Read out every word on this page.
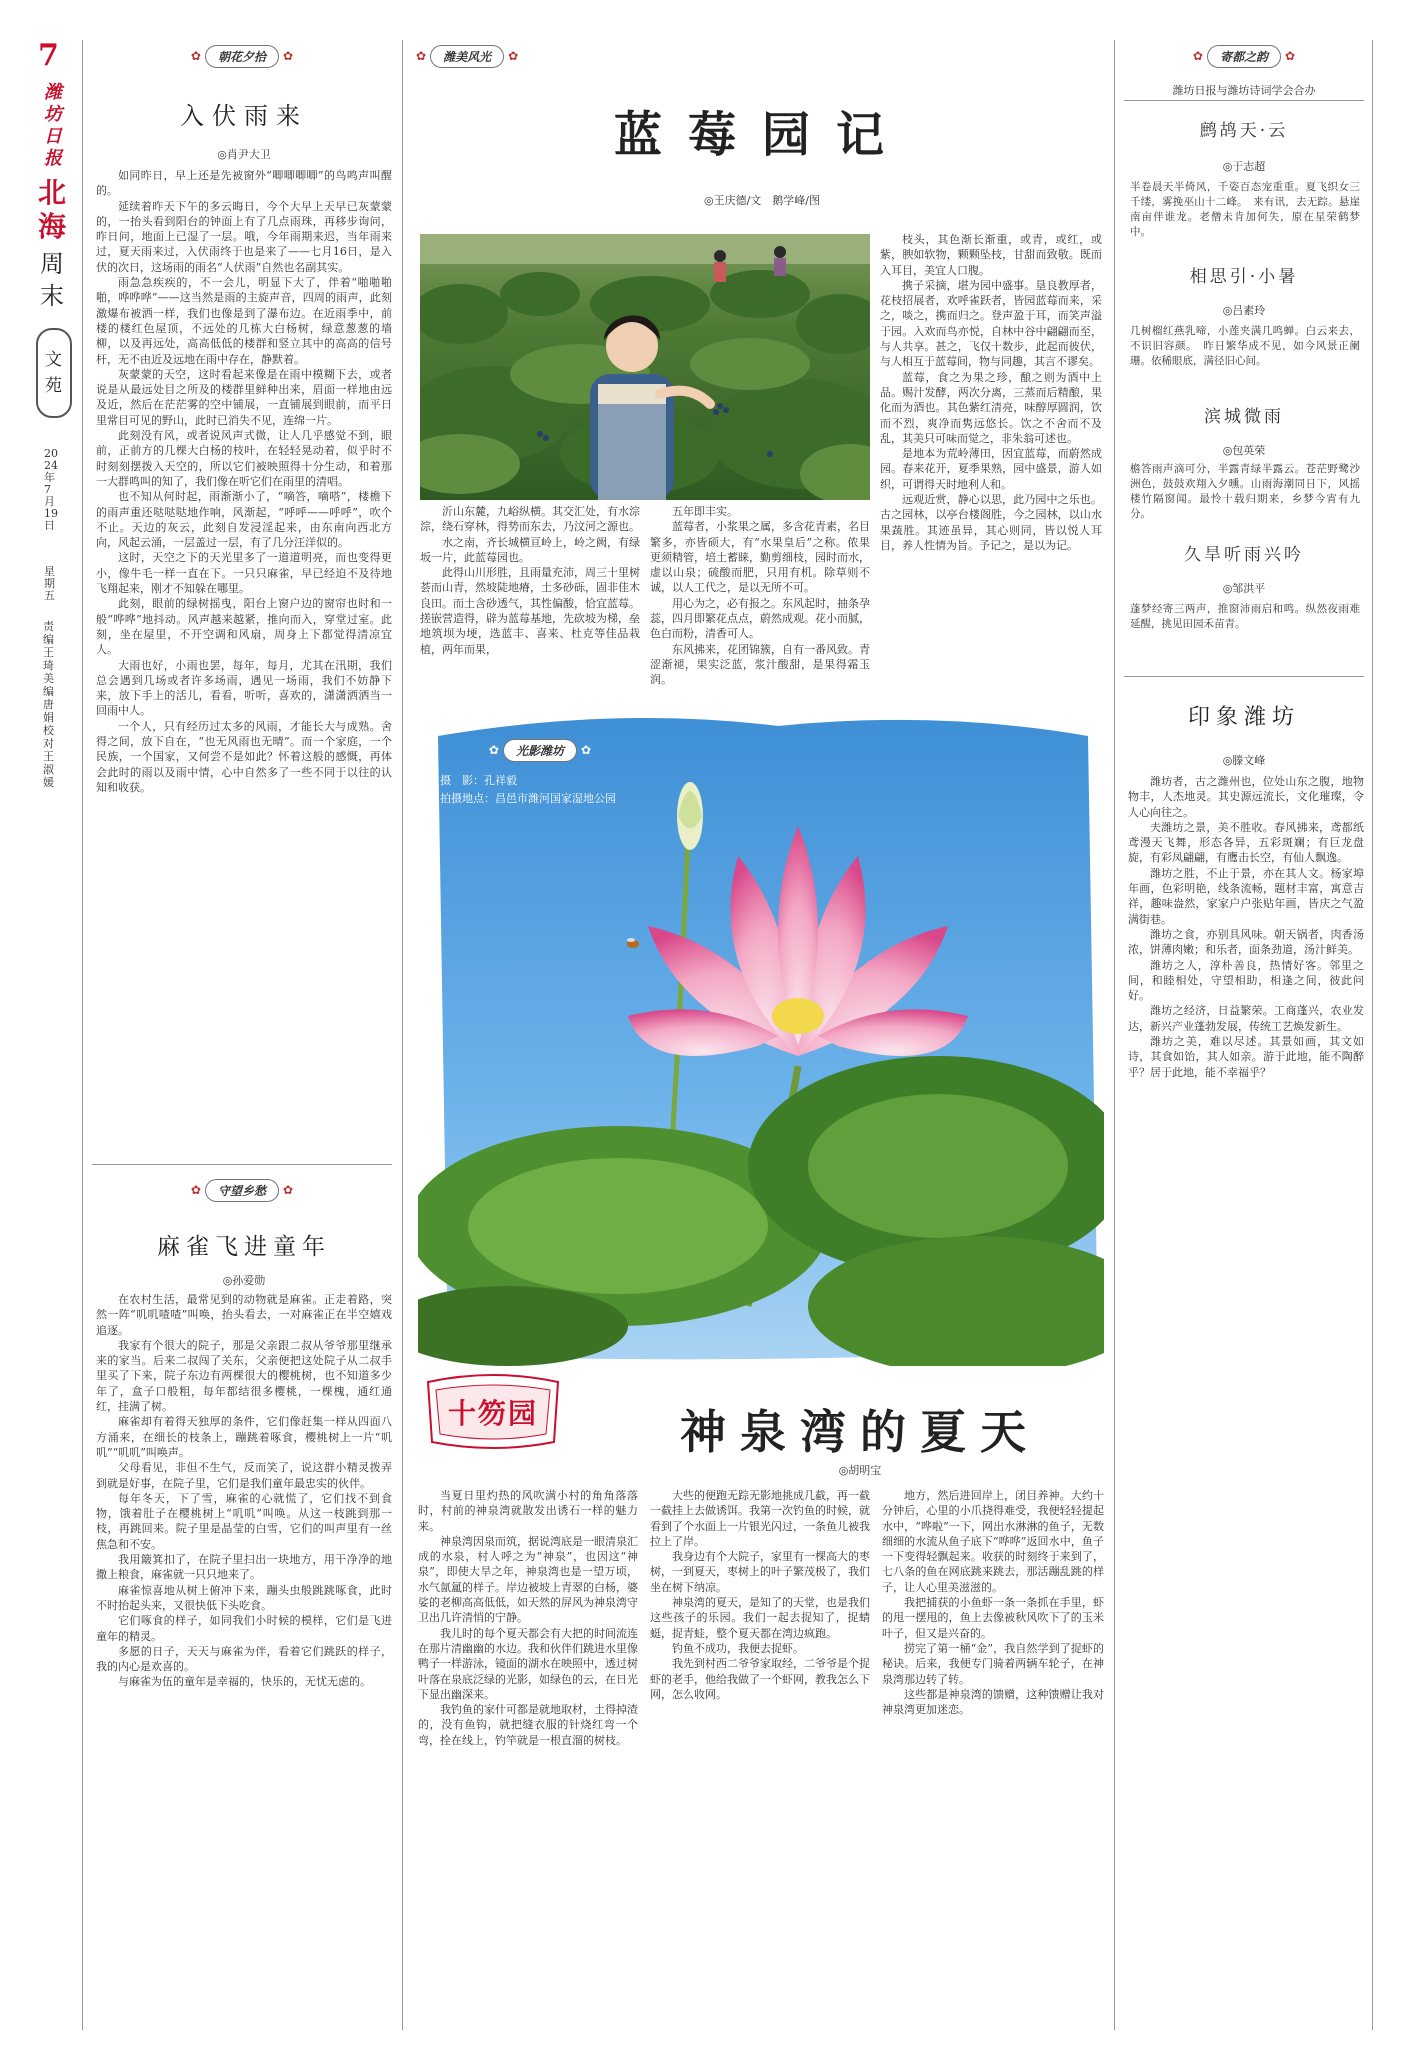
7
潍坊日报
北海
周末
文苑
2024年7月19日
星期五
责编 王琦 美编 唐娟 校对 王淑媛
✿	朝花夕拾	✿
入伏雨来
◎肖尹大卫

如同昨日，早上还是先被窗外“唧唧唧唧”的鸟鸣声叫醒的。

延续着昨天下午的多云晦日，今个大早上天早已灰蒙蒙的，一抬头看到阳台的钟面上有了几点雨珠，再移步询问，昨日问，地面上已湿了一层。哦，今年雨期来迟，当年雨来过，夏天雨来过，入伏雨终于也是来了——七月16日，是入伏的次日，这场雨的雨名“人伏雨”自然也名副其实。

雨急急疾疾的，不一会儿，明显下大了，伴着“啪啪啪啪，哗哗哗”——这当然是雨的主旋声音，四周的雨声，此刻激爆布被洒一样，我们也像是到了瀑布边。在近雨季中，前楼的楼红色屋顶，不远处的几栋大白杨树，绿意葱葱的墙柳，以及再远处，高高低低的楼群和竖立其中的高高的信号杆，无不由近及远地在雨中存在，静默着。

灰蒙蒙的天空，这时看起来像是在雨中模糊下去，或者说是从最远处目之所及的楼群里鲜种出来，眉面一样地由远及近，然后在茫茫雾的空中铺展，一直铺展到眼前，而平日里常目可见的野山，此时已消失不见，连绵一片。

此刻没有风，或者说风声式微，让人几乎感觉不到，眼前，正前方的几棵大白杨的枝叶，在轻轻晃动着，似乎时不时刻刻摆拨入天空的，所以它们被映照得十分生动，和着那一大群鸣叫的知了，我们像在听它们在雨里的清唱。

也不知从何时起，雨渐渐小了，“嘀答，嘀嗒”，楼檐下的雨声重还哒哒哒地作响，风渐起，“呼呼——呼呼”，吹个不止。天边的灰云，此刻自发浸淫起来，由东南向西北方向，风起云涌，一层盖过一层，有了几分汪洋似的。

这时，天空之下的天光里多了一道道明亮，而也变得更小，像牛毛一样一直在下。一只只麻雀，早已经迫不及待地飞翔起来，刚才不知躲在哪里。

此刻，眼前的绿树摇曳，阳台上窗户边的窗帘也时和一般“哗哗”地抖动。风声越来越紧，推向而入，穿堂过室。此刻，坐在屋里，不开空调和风扇，周身上下都觉得清凉宜人。

大雨也好，小雨也罢，每年，每月，尤其在汛期，我们总会遇到几场或者许多场雨，遇见一场雨，我们不妨静下来，放下手上的活儿，看看，听听，喜欢的，潇潇洒洒当一回雨中人。

一个人，只有经历过太多的风雨，才能长大与成熟。舍得之间，放下自在，“也无风雨也无晴”。而一个家庭，一个民族，一个国家，又何尝不是如此？怀着这般的感慨，再体会此时的雨以及雨中情，心中自然多了一些不同于以往的认知和收获。

✿	守望乡愁	✿
麻雀飞进童年
◎孙爱勋

在农村生活，最常见到的动物就是麻雀。正走着路，突然一阵“叽叽喳喳”叫唤，抬头看去，一对麻雀正在半空嬉戏追逐。

我家有个很大的院子，那是父亲跟二叔从爷爷那里继承来的家当。后来二叔闯了关东，父亲便把这处院子从二叔手里买了下来，院子东边有两棵很大的樱桃树，也不知道多少年了，盒子口般粗，每年都结很多樱桃，一棵槐，通红通红，挂满了树。

麻雀却有着得天独厚的条件，它们像赶集一样从四面八方涌来，在细长的枝条上，蹦跳着啄食，樱桃树上一片“叽叽”“叽叽”叫唤声。

父母看见，非但不生气，反而笑了，说这群小精灵拨弄到就是好事，在院子里，它们是我们童年最忠实的伙伴。

每年冬天，下了雪，麻雀的心就慌了，它们找不到食物，饿着肚子在樱桃树上“叽叽”叫唤。从这一枝跳到那一枝，再跳回来。院子里是晶莹的白雪，它们的叫声里有一丝焦急和不安。

我用簸箕扣了，在院子里扫出一块地方，用干净净的地撒上粮食，麻雀就一只只地来了。

麻雀惊喜地从树上俯冲下来，蹦头虫般跳跳啄食，此时不时抬起头来，又很快低下头吃食。

它们啄食的样子，如同我们小时候的模样，它们是飞进童年的精灵。

多愿的日子，天天与麻雀为伴，看着它们跳跃的样子，我的内心是欢喜的。

与麻雀为伍的童年是幸福的，快乐的，无忧无虑的。

✿	潍美风光	✿
蓝莓园记
◎王庆德/文　鹅学峰/图

沂山东麓，九峪纵横。其交汇处，有水淙淙，绕石穿林，得势而东去，乃汶河之源也。

水之南，齐长城横亘岭上，岭之阙，有绿坂一片，此蓝莓园也。

此得山川形胜，且雨量充沛，周三十里树荟而山青，然坡陡地瘠，土多砂砾，固非佳木良田。而土含砂透气，其性偏酸，恰宜蓝莓。搓嵌营造得，辟为蓝莓基地，先砍坡为梯，垒地筑坝为埂，选蓝丰、喜来、杜克等佳品栽植，两年而果，

五年即丰实。

蓝莓者，小浆果之属，多含花青素，名目繁多，亦皆硕大，有“水果皇后”之称。侬果更须精管，培土蓄睐，勤剪细枝，园时而水，虚以山泉；硫酸而肥，只用有机。除草则不诚，以人工代之，是以无所不可。

用心为之，必有报之。东风起时，抽条孕蕊，四月即繁花点点，蔚然成观。花小而腻，色白而粉，清香可人。

东风拂来，花团锦簇，自有一番风致。青涩渐褪，果实泛蓝，浆汁酸甜，是果得霜玉润。

枝头，其色渐长渐重，或青，或红，或紫，腴如软物，颗颗坠枝，甘甜而致敬。既而入耳目，美宜人口腹。

携子采摘，堪为园中盛事。垦良教厚者，花枝招展者，欢呼雀跃者，皆园蓝莓而来，采之，啖之，携而归之。登声盈于耳，而笑声溢于园。入欢而鸟亦悦，自林中谷中翩翩而至，与人共享。甚之，飞仅十数步，此起而彼伏，与人相互于蓝莓间，物与同趣，其言不谬矣。

蓝莓，食之为果之珍，酿之则为酒中上品。赐汁发酵，两次分离，三蒸而后精酿，果化而为酒也。其色紫红清亮，味醇厚圆润，饮而不烈，爽净而隽远悠长。饮之不舍而不及乱，其美只可味而觉之，非朱翁可述也。

是地本为荒岭薄田，因宜蓝莓，而蔚然成园。春来花开，夏季果熟，园中盛景，游人如织，可谓得天时地利人和。

远观近赏，静心以思，此乃园中之乐也。古之园林，以亭台楼阁胜，今之园林，以山水果蔬胜。其迹虽异，其心则同，皆以悦人耳目，养人性情为旨。予记之，是以为记。

✿	光影潍坊	✿
摄　影：孔祥毅
拍摄地点：昌邑市潍河国家湿地公园
十笏园	神泉湾的夏天
◎胡明宝

当夏日里灼热的风吹满小村的角角落落时，村前的神泉湾就散发出诱石一样的魅力来。

神泉湾因泉而筑，据说湾底是一眼清泉汇成的水泉，村人呼之为“神泉”，也因这“神泉”，即使大旱之年，神泉湾也是一望万顷，水气氤氲的样子。岸边被坡上青翠的白杨，婆娑的老柳高高低低，如天然的屏风为神泉湾守卫出几许清悄的宁静。

我儿时的每个夏天都会有大把的时间流连在那片清幽幽的水边。我和伙伴们跳进水里像鸭子一样游泳，镜面的湖水在映照中，透过树叶落在泉底泛绿的光影，如绿色的云，在日光下显出幽深来。

我钓鱼的家什可都是就地取材，土得掉渣的，没有鱼钩，就把缝衣服的针烧红弯一个弯，拴在线上，钓竿就是一根直溜的树枝。

大些的便跑无踪无影地挑成几截，再一截一截挂上去做诱饵。我第一次钓鱼的时候，就看到了个水面上一片银光闪过，一条鱼儿被我拉上了岸。

我身边有个大院子，家里有一棵高大的枣树，一到夏天，枣树上的叶子繁茂极了，我们坐在树下纳凉。

神泉湾的夏天，是知了的天堂，也是我们这些孩子的乐园。我们一起去捉知了，捉蜻蜓，捉青蛙，整个夏天都在湾边疯跑。

钓鱼不成功，我便去捉虾。

我先到村西二爷爷家取经，二爷爷是个捉虾的老手，他给我做了一个虾网，教我怎么下网，怎么收网。

地方，然后进回岸上，闭目养神。大约十分钟后，心里的小爪挠得难受，我便轻轻提起水中，“哗啦”一下，网出水淋淋的鱼子，无数细细的水流从鱼子底下“哗哗”返回水中，鱼子一下变得轻飘起来。收获的时刻终于来到了，七八条的鱼在网底跳来跳去，那活蹦乱跳的样子，让人心里美滋滋的。

我把捕获的小鱼虾一条一条抓在手里，虾的甩一摆甩的，鱼上去像被秋风吹下了的玉米叶子，但又是兴奋的。

捞完了第一桶“金”，我自然学到了捉虾的秘诀。后来，我便专门骑着两辆车轮子，在神泉湾那边转了转。

这些都是神泉湾的馈赠，这种馈赠让我对神泉湾更加迷恋。

✿	寄都之韵	✿
潍坊日报与潍坊诗词学会合办
鹧鸪天·云
◎于志超
半卷晨天半倚风，千姿百态宠重重。夏飞织女三千缕，雾挽巫山十二峰。　来有讯，去无踪。悬崖南亩伴谁龙。老僧未肯加何失，原在星荣鹤梦中。
相思引·小暑
◎吕素玲
几树榴红燕乳啼，小莲夹满几鸣蝉。白云来去，不识旧容颜。　昨日繁华成不见，如今风景正阑珊。依稀眼底，满径旧心间。
滨城微雨
◎包英荣
檐答雨声滴可分，半露青绿半露云。苍茫野鹭沙洲色，鼓鼓欢翔入夕曛。山雨海潮同日下，风摇楼竹隔窗闻。最怜十载归期来，乡梦今宵有九分。
久旱听雨兴吟
◎邹洪平
蓬梦经寄三两声，推窗沛雨启和鸣。纵然夜雨难延醒，挑见田园禾苗青。
印象潍坊
◎滕文峰

潍坊者，古之潍州也，位处山东之腹，地物物丰，人杰地灵。其史源远流长，文化璀璨，令人心向往之。

夫潍坊之景，美不胜收。春风拂来，鸢都纸鸢漫天飞舞，形态各异，五彩斑斓；有巨龙盘旋，有彩凤翩翩，有鹰击长空，有仙人飘逸。

潍坊之胜，不止于景，亦在其人文。杨家埠年画，色彩明艳，线条流畅，题材丰富，寓意吉祥，趣味盎然，家家户户张贴年画，皆庆之气盈满街巷。

潍坊之食，亦别具风味。朝天锅者，肉香汤浓，饼薄肉嫩；和乐者，面条劲道，汤汁鲜美。

潍坊之人，淳朴善良，热情好客。邻里之间，和睦相处，守望相助，相逢之间，彼此问好。

潍坊之经济，日益繁荣。工商蓬兴，农业发达，新兴产业蓬勃发展，传统工艺焕发新生。

潍坊之美，难以尽述。其景如画，其文如诗，其食如饴，其人如亲。游于此地，能不陶醉乎？居于此地，能不幸福乎？
